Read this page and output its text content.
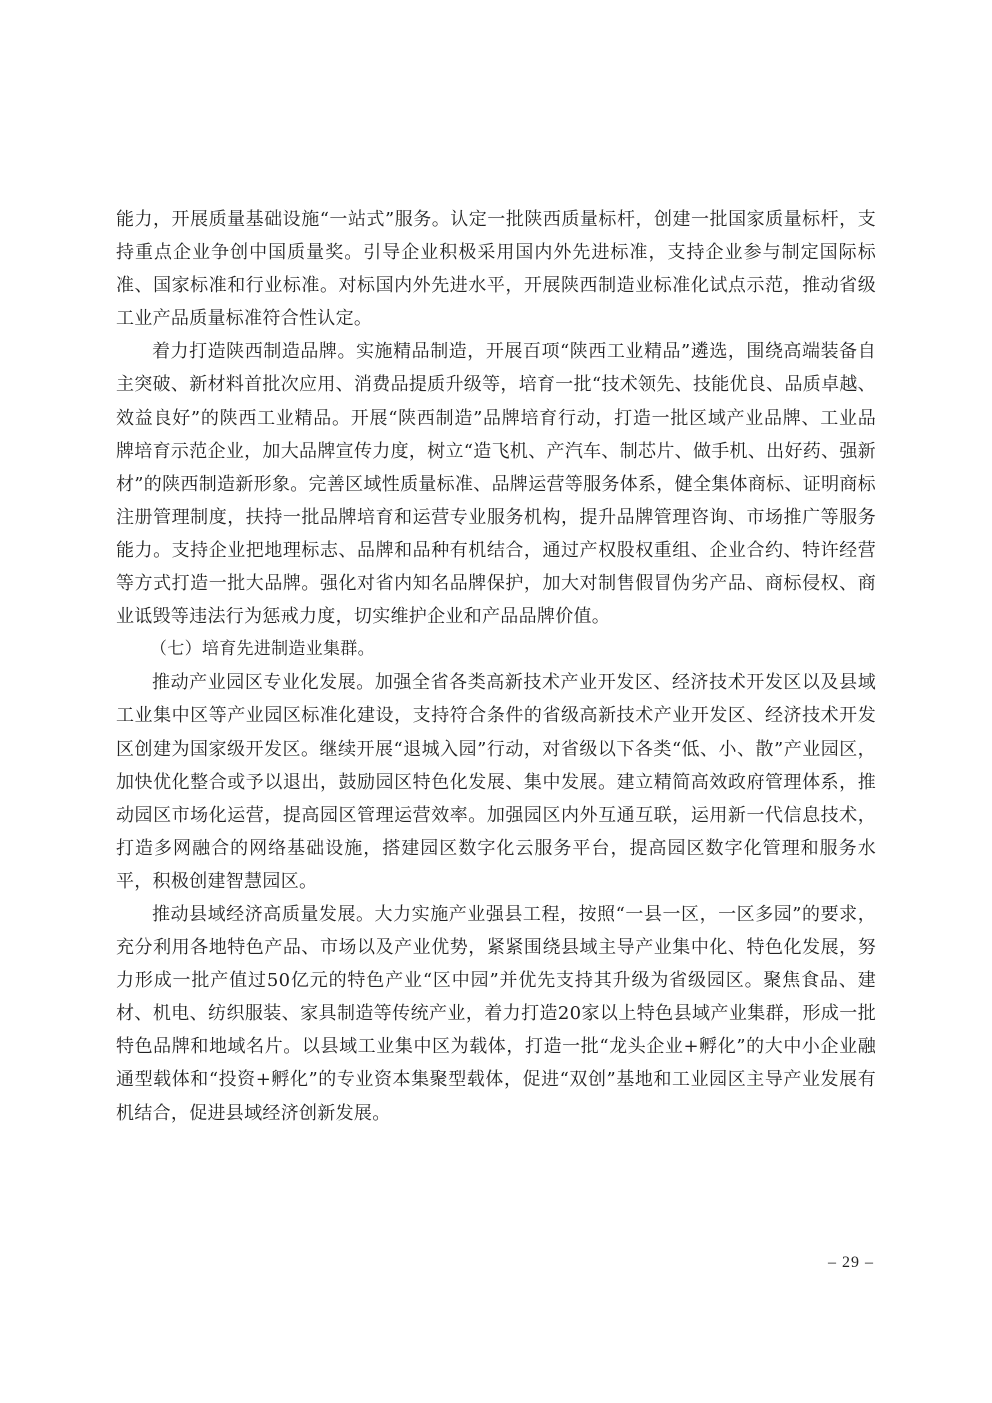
能力，开展质量基础设施“一站式”服务。认定一批陕西质量标杆，创建一批国家质量标杆，支持重点企业争创中国质量奖。引导企业积极采用国内外先进标准，支持企业参与制定国际标准、国家标准和行业标准。对标国内外先进水平，开展陕西制造业标准化试点示范，推动省级工业产品质量标准符合性认定。

着力打造陕西制造品牌。实施精品制造，开展百项“陕西工业精品”遴选，围绕高端装备自主突破、新材料首批次应用、消费品提质升级等，培育一批“技术领先、技能优良、品质卓越、效益良好”的陕西工业精品。开展“陕西制造”品牌培育行动，打造一批区域产业品牌、工业品牌培育示范企业，加大品牌宣传力度，树立“造飞机、产汽车、制芯片、做手机、出好药、强新材”的陕西制造新形象。完善区域性质量标准、品牌运营等服务体系，健全集体商标、证明商标注册管理制度，扶持一批品牌培育和运营专业服务机构，提升品牌管理咨询、市场推广等服务能力。支持企业把地理标志、品牌和品种有机结合，通过产权股权重组、企业合约、特许经营等方式打造一批大品牌。强化对省内知名品牌保护，加大对制售假冒伪劣产品、商标侵权、商业诋毁等违法行为惩戒力度，切实维护企业和产品品牌价值。

（七）培育先进制造业集群。

推动产业园区专业化发展。加强全省各类高新技术产业开发区、经济技术开发区以及县域工业集中区等产业园区标准化建设，支持符合条件的省级高新技术产业开发区、经济技术开发区创建为国家级开发区。继续开展“退城入园”行动，对省级以下各类“低、小、散”产业园区，加快优化整合或予以退出，鼓励园区特色化发展、集中发展。建立精简高效政府管理体系，推动园区市场化运营，提高园区管理运营效率。加强园区内外互通互联，运用新一代信息技术，打造多网融合的网络基础设施，搭建园区数字化云服务平台，提高园区数字化管理和服务水平，积极创建智慧园区。

推动县域经济高质量发展。大力实施产业强县工程，按照“一县一区，一区多园”的要求，充分利用各地特色产品、市场以及产业优势，紧紧围绕县域主导产业集中化、特色化发展，努力形成一批产值过50亿元的特色产业“区中园”并优先支持其升级为省级园区。聚焦食品、建材、机电、纺织服装、家具制造等传统产业，着力打造20家以上特色县域产业集群，形成一批特色品牌和地域名片。以县域工业集中区为载体，打造一批“龙头企业+孵化”的大中小企业融通型载体和“投资+孵化”的专业资本集聚型载体，促进“双创”基地和工业园区主导产业发展有机结合，促进县域经济创新发展。

– 29 –
